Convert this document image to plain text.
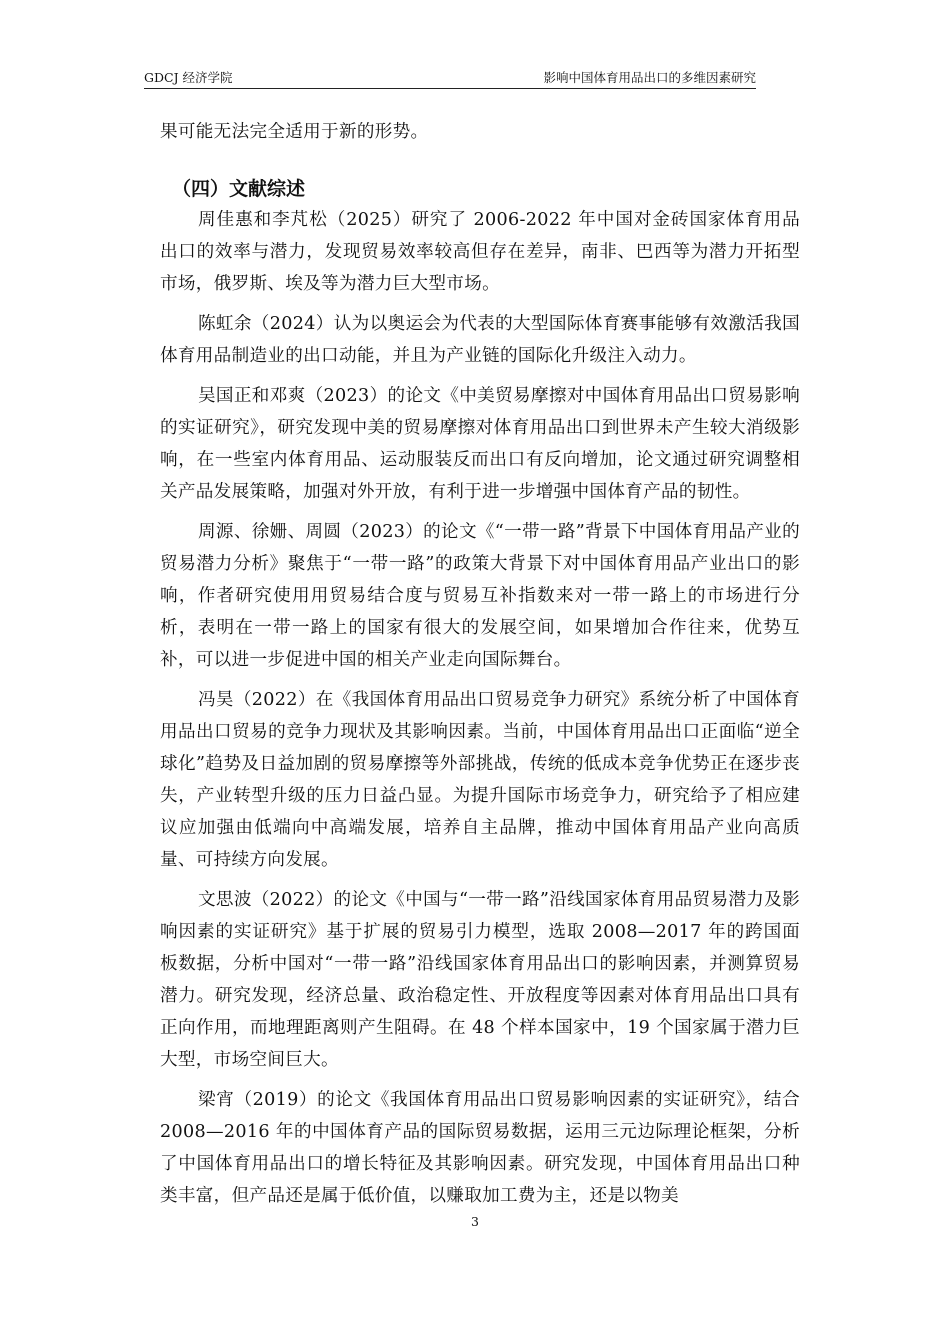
GDCJ 经济学院	影响中国体育用品出口的多维因素研究

果可能无法完全适用于新的形势。

（四）文献综述

周佳惠和李芃松（2025）研究了 2006-2022 年中国对金砖国家体育用品出口的效率与潜力，发现贸易效率较高但存在差异，南非、巴西等为潜力开拓型市场，俄罗斯、埃及等为潜力巨大型市场。

陈虹余（2024）认为以奥运会为代表的大型国际体育赛事能够有效激活我国体育用品制造业的出口动能，并且为产业链的国际化升级注入动力。

吴国正和邓爽（2023）的论文《中美贸易摩擦对中国体育用品出口贸易影响的实证研究》，研究发现中美的贸易摩擦对体育用品出口到世界未产生较大消级影响，在一些室内体育用品、运动服装反而出口有反向增加，论文通过研究调整相关产品发展策略，加强对外开放，有利于进一步增强中国体育产品的韧性。

周源、徐姗、周圆（2023）的论文《“一带一路”背景下中国体育用品产业的贸易潜力分析》聚焦于“一带一路”的政策大背景下对中国体育用品产业出口的影响，作者研究使用用贸易结合度与贸易互补指数来对一带一路上的市场进行分析，表明在一带一路上的国家有很大的发展空间，如果增加合作往来，优势互补，可以进一步促进中国的相关产业走向国际舞台。

冯昊（2022）在《我国体育用品出口贸易竞争力研究》系统分析了中国体育用品出口贸易的竞争力现状及其影响因素。当前，中国体育用品出口正面临“逆全球化”趋势及日益加剧的贸易摩擦等外部挑战，传统的低成本竞争优势正在逐步丧失，产业转型升级的压力日益凸显。为提升国际市场竞争力，研究给予了相应建议应加强由低端向中高端发展，培养自主品牌，推动中国体育用品产业向高质量、可持续方向发展。

文思波（2022）的论文《中国与“一带一路”沿线国家体育用品贸易潜力及影响因素的实证研究》基于扩展的贸易引力模型，选取 2008—2017 年的跨国面板数据，分析中国对“一带一路”沿线国家体育用品出口的影响因素，并测算贸易潜力。研究发现，经济总量、政治稳定性、开放程度等因素对体育用品出口具有正向作用，而地理距离则产生阻碍。在 48 个样本国家中，19 个国家属于潜力巨大型，市场空间巨大。

梁宵（2019）的论文《我国体育用品出口贸易影响因素的实证研究》，结合 2008—2016 年的中国体育产品的国际贸易数据，运用三元边际理论框架，分析了中国体育用品出口的增长特征及其影响因素。研究发现，中国体育用品出口种类丰富，但产品还是属于低价值，以赚取加工费为主，还是以物美

3
